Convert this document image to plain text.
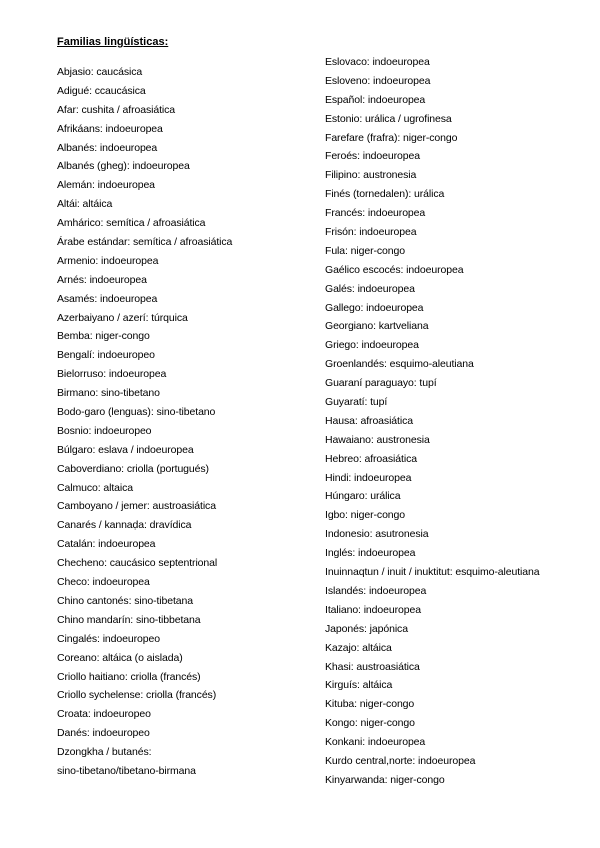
Familias lingüísticas:
Abjasio: caucásica
Adigué: ccaucásica
Afar: cushita / afroasiática
Afrikáans: indoeuropea
Albanés: indoeuropea
Albanés (gheg): indoeuropea
Alemán: indoeuropea
Altái: altáica
Amhárico: semítica / afroasiática
Árabe estándar: semítica / afroasiática
Armenio: indoeuropea
Arnés: indoeuropea
Asamés: indoeuropea
Azerbaiyano / azerí: túrquica
Bemba: niger-congo
Bengalí: indoeuropeo
Bielorruso: indoeuropea
Birmano: sino-tibetano
Bodo-garo (lenguas): sino-tibetano
Bosnio: indoeuropeo
Búlgaro: eslava / indoeuropea
Caboverdiano: criolla (portugués)
Calmuco: altaica
Camboyano / jemer: austroasiática
Canarés / kannaḍa: dravídica
Catalán: indoeuropea
Checheno: caucásico septentrional
Checo: indoeuropea
Chino cantonés: sino-tibetana
Chino mandarín: sino-tibbetana
Cingalés: indoeuropeo
Coreano: altáica (o aislada)
Criollo haitiano: criolla (francés)
Criollo sychelense: criolla (francés)
Croata: indoeuropeo
Danés: indoeuropeo
Dzongkha / butanés:
sino-tibetano/tibetano-birmana
Eslovaco: indoeuropea
Esloveno: indoeuropea
Español: indoeuropea
Estonio: urálica / ugrofinesa
Farefare (frafra): niger-congo
Feroés: indoeuropea
Filipino: austronesia
Finés (tornedalen): urálica
Francés: indoeuropea
Frisón: indoeuropea
Fula: niger-congo
Gaélico escocés: indoeuropea
Galés: indoeuropea
Gallego: indoeuropea
Georgiano: kartveliana
Griego: indoeuropea
Groenlandés: esquimo-aleutiana
Guaraní paraguayo: tupí
Guyaratí: tupí
Hausa: afroasiática
Hawaiano: austronesia
Hebreo: afroasiática
Hindi: indoeuropea
Húngaro: urálica
Igbo: niger-congo
Indonesio: asutronesia
Inglés: indoeuropea
Inuinnaqtun / inuit / inuktitut: esquimo-aleutiana
Islandés: indoeuropea
Italiano: indoeuropea
Japonés: japónica
Kazajo: altáica
Khasi: austroasiática
Kirguís: altáica
Kituba: niger-congo
Kongo: niger-congo
Konkani: indoeuropea
Kurdo central,norte: indoeuropea
Kinyarwanda: niger-congo
